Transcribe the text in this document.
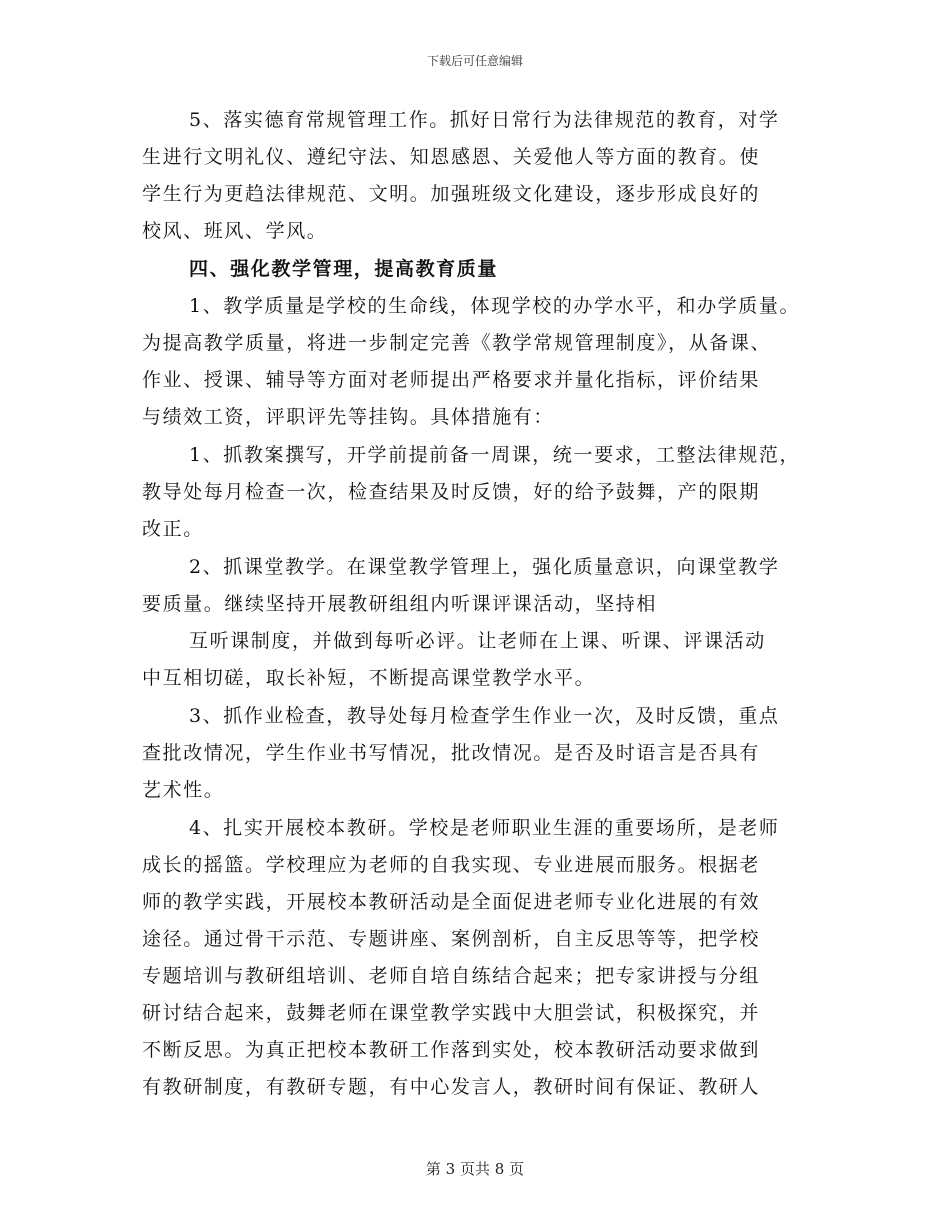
下载后可任意编辑
5、落实德育常规管理工作。抓好日常行为法律规范的教育，对学
生进行文明礼仪、遵纪守法、知恩感恩、关爱他人等方面的教育。使
学生行为更趋法律规范、文明。加强班级文化建设，逐步形成良好的
校风、班风、学风。
四、强化教学管理，提高教育质量
1、教学质量是学校的生命线，体现学校的办学水平，和办学质量。
为提高教学质量，将进一步制定完善《教学常规管理制度》，从备课、
作业、授课、辅导等方面对老师提出严格要求并量化指标，评价结果
与绩效工资，评职评先等挂钩。具体措施有：
1、抓教案撰写，开学前提前备一周课，统一要求，工整法律规范，
教导处每月检查一次，检查结果及时反馈，好的给予鼓舞，产的限期
改正。
2、抓课堂教学。在课堂教学管理上，强化质量意识，向课堂教学
要质量。继续坚持开展教研组组内听课评课活动，坚持相
互听课制度，并做到每听必评。让老师在上课、听课、评课活动
中互相切磋，取长补短，不断提高课堂教学水平。
3、抓作业检查，教导处每月检查学生作业一次，及时反馈，重点
查批改情况，学生作业书写情况，批改情况。是否及时语言是否具有
艺术性。
4、扎实开展校本教研。学校是老师职业生涯的重要场所，是老师
成长的摇篮。学校理应为老师的自我实现、专业进展而服务。根据老
师的教学实践，开展校本教研活动是全面促进老师专业化进展的有效
途径。通过骨干示范、专题讲座、案例剖析，自主反思等等，把学校
专题培训与教研组培训、老师自培自练结合起来；把专家讲授与分组
研讨结合起来，鼓舞老师在课堂教学实践中大胆尝试，积极探究，并
不断反思。为真正把校本教研工作落到实处，校本教研活动要求做到
有教研制度，有教研专题，有中心发言人，教研时间有保证、教研人
第 3 页共 8 页
